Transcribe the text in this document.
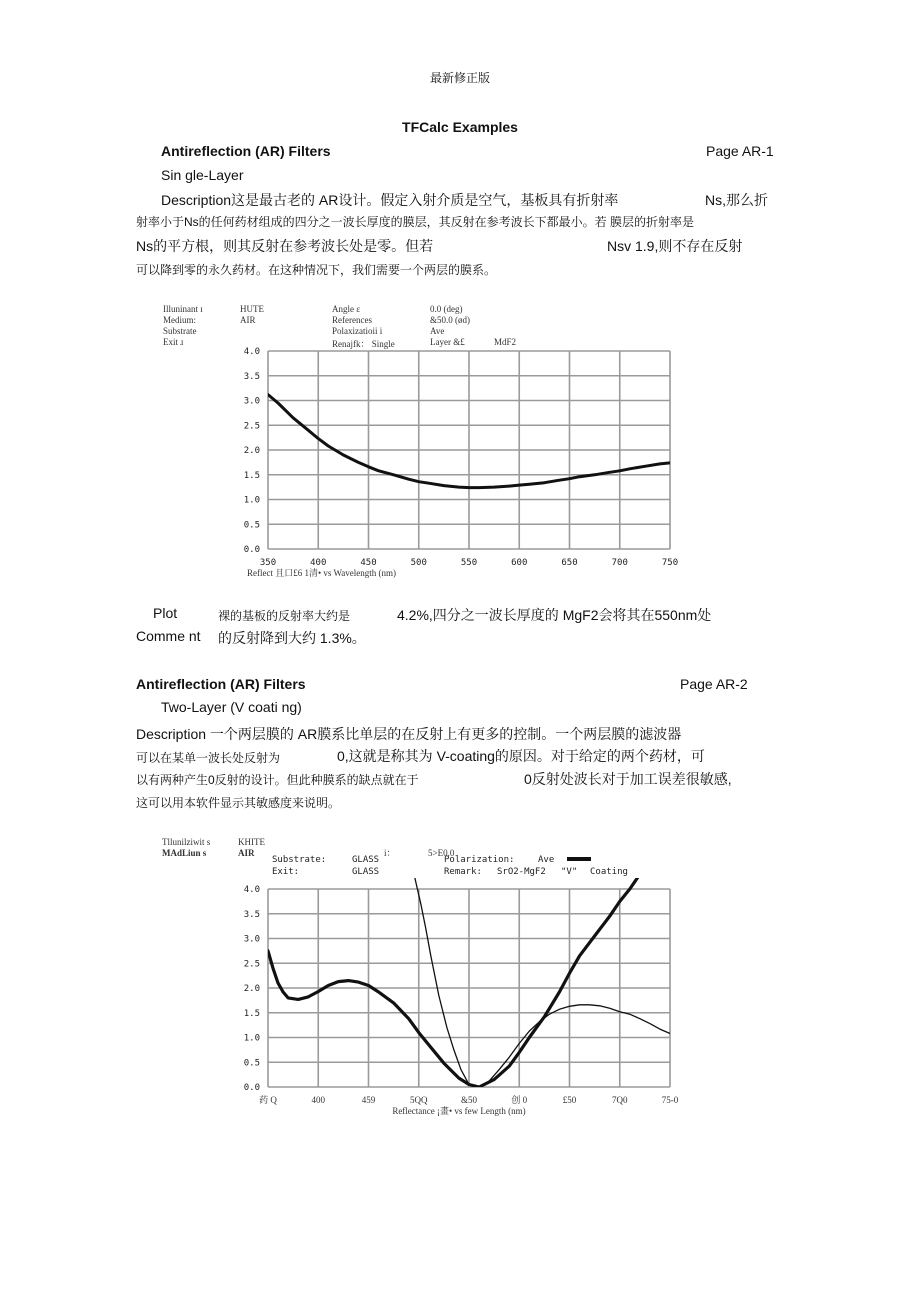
最新修正版
TFCalc Examples
Antireflection (AR) Filters	Page AR-1
Sin gle-Layer
Description这是最古老的 AR设计。假定入射介质是空气，基板具有折射率	Ns,那么折
射率小于Ns的任何药材组成的四分之一波长厚度的膜层，其反射在参考波长下都最小。若 膜层的折射率是
Ns的平方根，则其反射在参考波长处是零。但若	Nsv 1.9,则不存在反射
可以降到零的永久药材。在这种情况下，我们需要一个两层的膜系。
Illuninant ɪ
Medium:
Substrate
Exit ɹ
HUTE
AIR
Angle ɛ
References
Polaxizatioii i
Renajfk： Single
0.0 (deg)
&50.0 (ød)
Ave
Layer &£	MdF2
0.0
0.5
1.0
1.5
2.0
2.5
3.0
3.5
4.0
350	400	450	500	550	600	650	700	750
Reflect 且口£6 1清• vs Wavelength (nm)
Plot	裸的基板的反射率大约是	4.2%,四分之一波长厚度的 MgF2会将其在550nm处
Comme nt 的反射降到大约 1.3%。
Antireflection (AR) Filters	Page AR-2
Two-Layer (V coati ng)
Description 一个两层膜的 AR膜系比单层的在反射上有更多的控制。一个两层膜的滤波器
可以在某单一波长处反射为	0,这就是称其为 V-coating的原因。对于给定的两个药材，可
以有两种产生0反射的设计。但此种膜系的缺点就在于	0反射处波长对于加工误差很敏感,
这可以用本软件显示其敏感度来说明。
Tllunilziwit s	KHITE
MAdLiun s	AIR	i：	5>E0.0
Substrate:	GLASS	Polarization:	Ave
Exit:	GLASS	Remark: SrO2-MgF2 "V" Coating
0.0
0.5
1.0
1.5
2.0
2.5
3.0
3.5
4.0
药 Q	400	459	5QQ	&50	创 0	£50	7Q0	75-0
Reflectance ¡畫• vs few Length (nm)
